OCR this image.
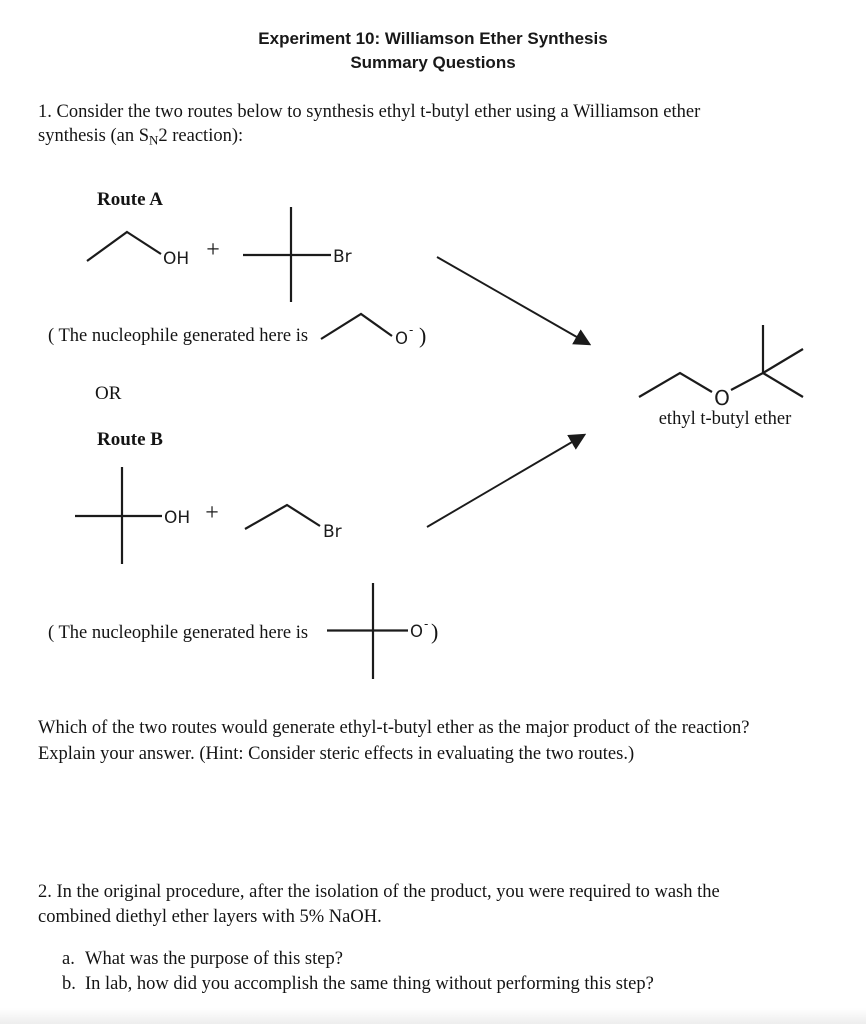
Experiment 10: Williamson Ether Synthesis
Summary Questions
1. Consider the two routes below to synthesis ethyl t-butyl ether using a Williamson ether
synthesis (an $S_N2$ reaction):
Route A
OR
Route B
( The nucleophile generated here is	)
( The nucleophile generated here is	)
ethyl t-butyl ether
Which of the two routes would generate ethyl-t-butyl ether as the major product of the reaction?
Explain your answer. (Hint: Consider steric effects in evaluating the two routes.)
2. In the original procedure, after the isolation of the product, you were required to wash the
combined diethyl ether layers with 5% NaOH.
a. What was the purpose of this step?
b. In lab, how did you accomplish the same thing without performing this step?
OH +	Br
O -
OH +
Br
O -
O
